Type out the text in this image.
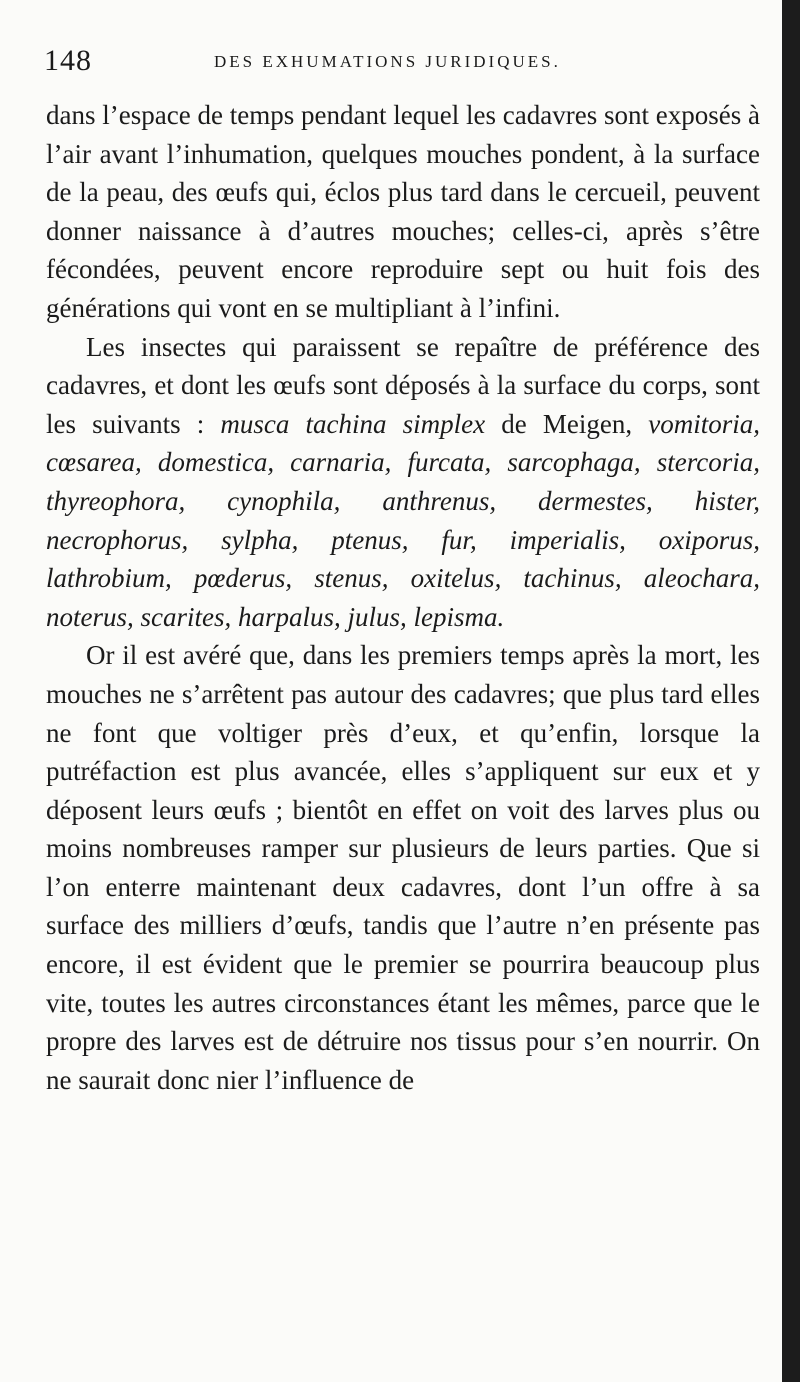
148	DES EXHUMATIONS JURIDIQUES.

dans l’espace de temps pendant lequel les cadavres sont exposés à l’air avant l’inhumation, quelques mouches pondent, à la surface de la peau, des œufs qui, éclos plus tard dans le cercueil, peuvent donner naissance à d’autres mouches; celles-ci, après s’être fécondées, peuvent encore reproduire sept ou huit fois des générations qui vont en se multipliant à l’infini.

Les insectes qui paraissent se repaître de préférence des cadavres, et dont les œufs sont déposés à la surface du corps, sont les suivants : musca tachina simplex de Meigen, vomitoria, cœsarea, domestica, carnaria, furcata, sarcophaga, stercoria, thyreophora, cynophila, anthrenus, dermestes, hister, necrophorus, sylpha, ptenus, fur, imperialis, oxiporus, lathrobium, pœderus, stenus, oxitelus, tachinus, aleochara, noterus, scarites, harpalus, julus, lepisma.

Or il est avéré que, dans les premiers temps après la mort, les mouches ne s’arrêtent pas autour des cadavres; que plus tard elles ne font que voltiger près d’eux, et qu’enfin, lorsque la putréfaction est plus avancée, elles s’appliquent sur eux et y déposent leurs œufs ; bientôt en effet on voit des larves plus ou moins nombreuses ramper sur plusieurs de leurs parties. Que si l’on enterre maintenant deux cadavres, dont l’un offre à sa surface des milliers d’œufs, tandis que l’autre n’en présente pas encore, il est évident que le premier se pourrira beaucoup plus vite, toutes les autres circonstances étant les mêmes, parce que le propre des larves est de détruire nos tissus pour s’en nourrir. On ne saurait donc nier l’influence de
